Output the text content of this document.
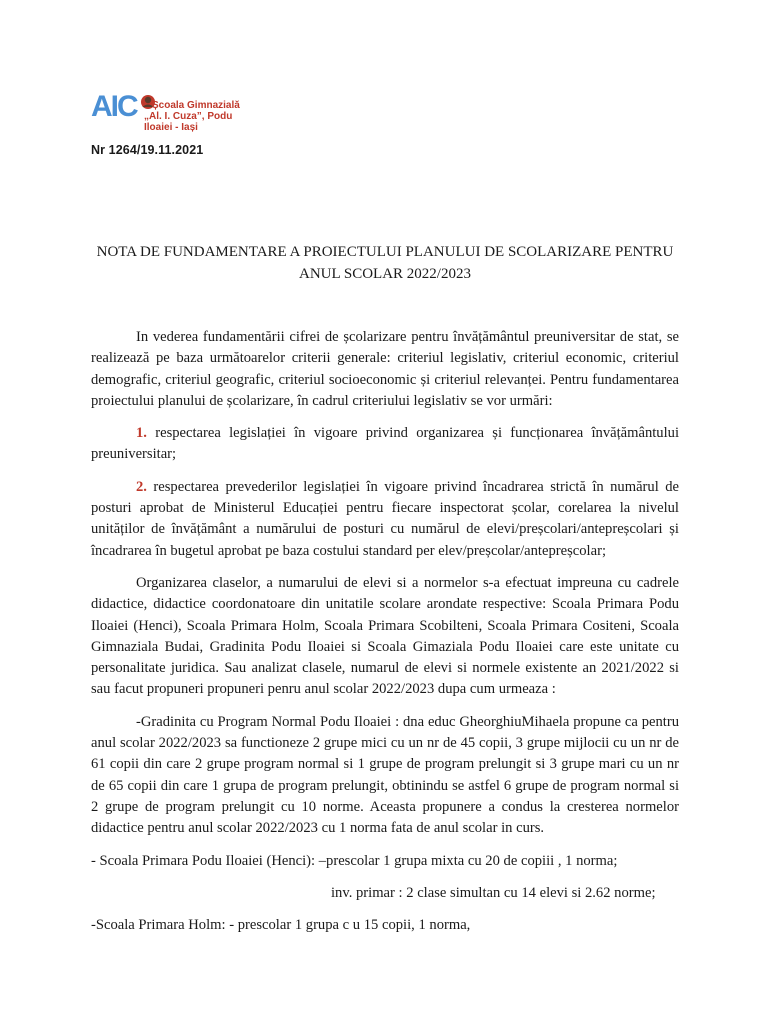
AIC	Școala Gimnazială
„Al. I. Cuza”, Podu Iloaiei - Iași
Nr 1264/19.11.2021
NOTA DE FUNDAMENTARE A PROIECTULUI PLANULUI DE SCOLARIZARE PENTRU
ANUL SCOLAR 2022/2023

In vederea fundamentării cifrei de școlarizare pentru învățământul preuniversitar de stat, se realizează pe baza următoarelor criterii generale: criteriul legislativ, criteriul economic, criteriul demografic, criteriul geografic, criteriul socioeconomic și criteriul relevanței. Pentru fundamentarea proiectului planului de școlarizare, în cadrul criteriului legislativ se vor urmări:

1. respectarea legislației în vigoare privind organizarea și funcționarea învățământului preuniversitar;

2. respectarea prevederilor legislației în vigoare privind încadrarea strictă în numărul de posturi aprobat de Ministerul Educației pentru fiecare inspectorat școlar, corelarea la nivelul unităților de învățământ a numărului de posturi cu numărul de elevi/preșcolari/antepreșcolari și încadrarea în bugetul aprobat pe baza costului standard per elev/preșcolar/antepreșcolar;

Organizarea claselor, a numarului de elevi si a normelor s-a efectuat impreuna cu cadrele didactice, didactice coordonatoare din unitatile scolare arondate respective: Scoala Primara Podu Iloaiei (Henci), Scoala Primara Holm, Scoala Primara Scobilteni, Scoala Primara Cositeni, Scoala Gimnaziala Budai, Gradinita Podu Iloaiei si Scoala Gimaziala Podu Iloaiei care este unitate cu personalitate juridica. Sau analizat clasele, numarul de elevi si normele existente an 2021/2022 si sau facut propuneri propuneri penru anul scolar 2022/2023 dupa cum urmeaza :

-Gradinita cu Program Normal Podu Iloaiei : dna educ GheorghiuMihaela propune ca pentru anul scolar 2022/2023 sa functioneze 2 grupe mici cu un nr de 45 copii, 3 grupe mijlocii cu un nr de 61 copii din care 2 grupe program normal si 1 grupe de program prelungit si 3 grupe mari cu un nr de 65 copii din care 1 grupa de program prelungit, obtinindu se astfel 6 grupe de program normal si 2 grupe de program prelungit cu 10 norme. Aceasta propunere a condus la cresterea normelor didactice pentru anul scolar 2022/2023 cu 1 norma fata de anul scolar in curs.

- Scoala Primara Podu Iloaiei (Henci): –prescolar 1 grupa mixta cu 20 de copiii , 1 norma;

inv. primar : 2 clase simultan cu 14 elevi si 2.62 norme;

-Scoala Primara Holm: - prescolar 1 grupa c u 15 copii, 1 norma,
